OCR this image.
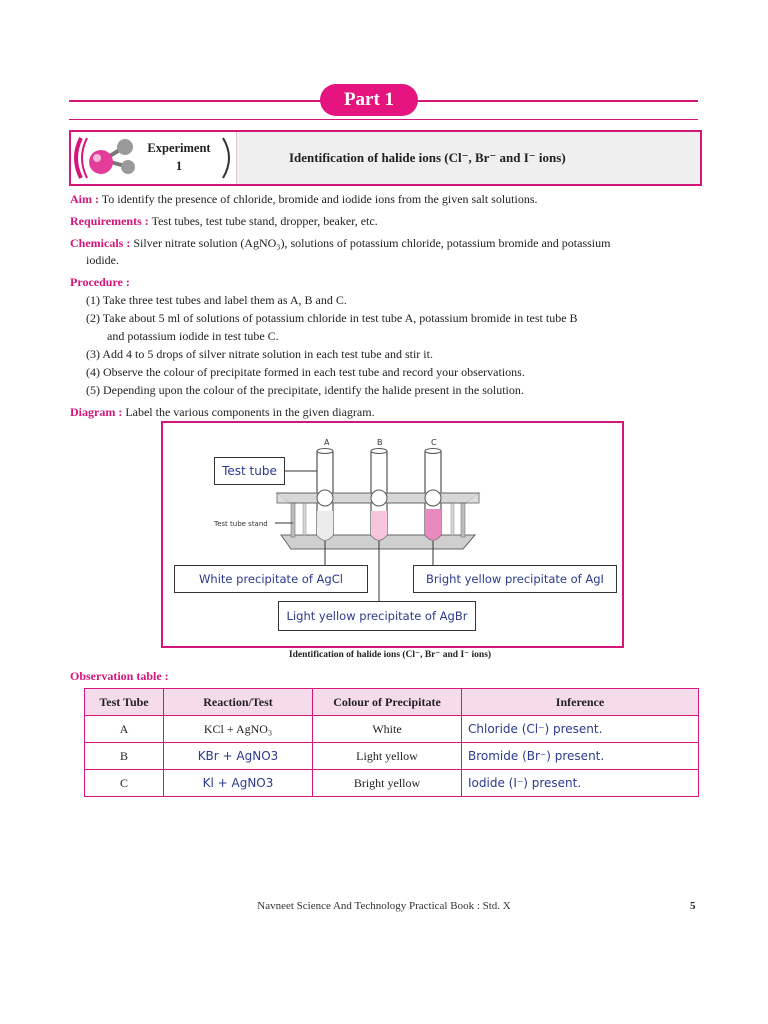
Part 1
Experiment
1
Identification of halide ions (Cl⁻, Br⁻ and I⁻ ions)
Aim : To identify the presence of chloride, bromide and iodide ions from the given salt solutions.
Requirements : Test tubes, test tube stand, dropper, beaker, etc.
Chemicals : Silver nitrate solution (AgNO₃), solutions of potassium chloride, potassium bromide and potassium
iodide.
Procedure :
(1) Take three test tubes and label them as A, B and C.
(2) Take about 5 ml of solutions of potassium chloride in test tube A, potassium bromide in test tube B
and potassium iodide in test tube C.
(3) Add 4 to 5 drops of silver nitrate solution in each test tube and stir it.
(4) Observe the colour of precipitate formed in each test tube and record your observations.
(5) Depending upon the colour of the precipitate, identify the halide present in the solution.
Diagram : Label the various components in the given diagram.
A	B	C
Test tube stand
Test tube
White precipitate of AgCl	Bright yellow precipitate of AgI
Light yellow precipitate of AgBr
Identification of halide ions (Cl⁻, Br⁻ and I⁻ ions)
Observation table :
Test Tube	Reaction/Test	Colour of Precipitate	Inference
A	KCl + AgNO₃	White	Chloride (Cl⁻) present.
B	KBr + AgNO3	Light yellow	Bromide (Br⁻) present.
C	Kl + AgNO3	Bright yellow	Iodide (I⁻) present.
Navneet Science And Technology Practical Book : Std. X	5
